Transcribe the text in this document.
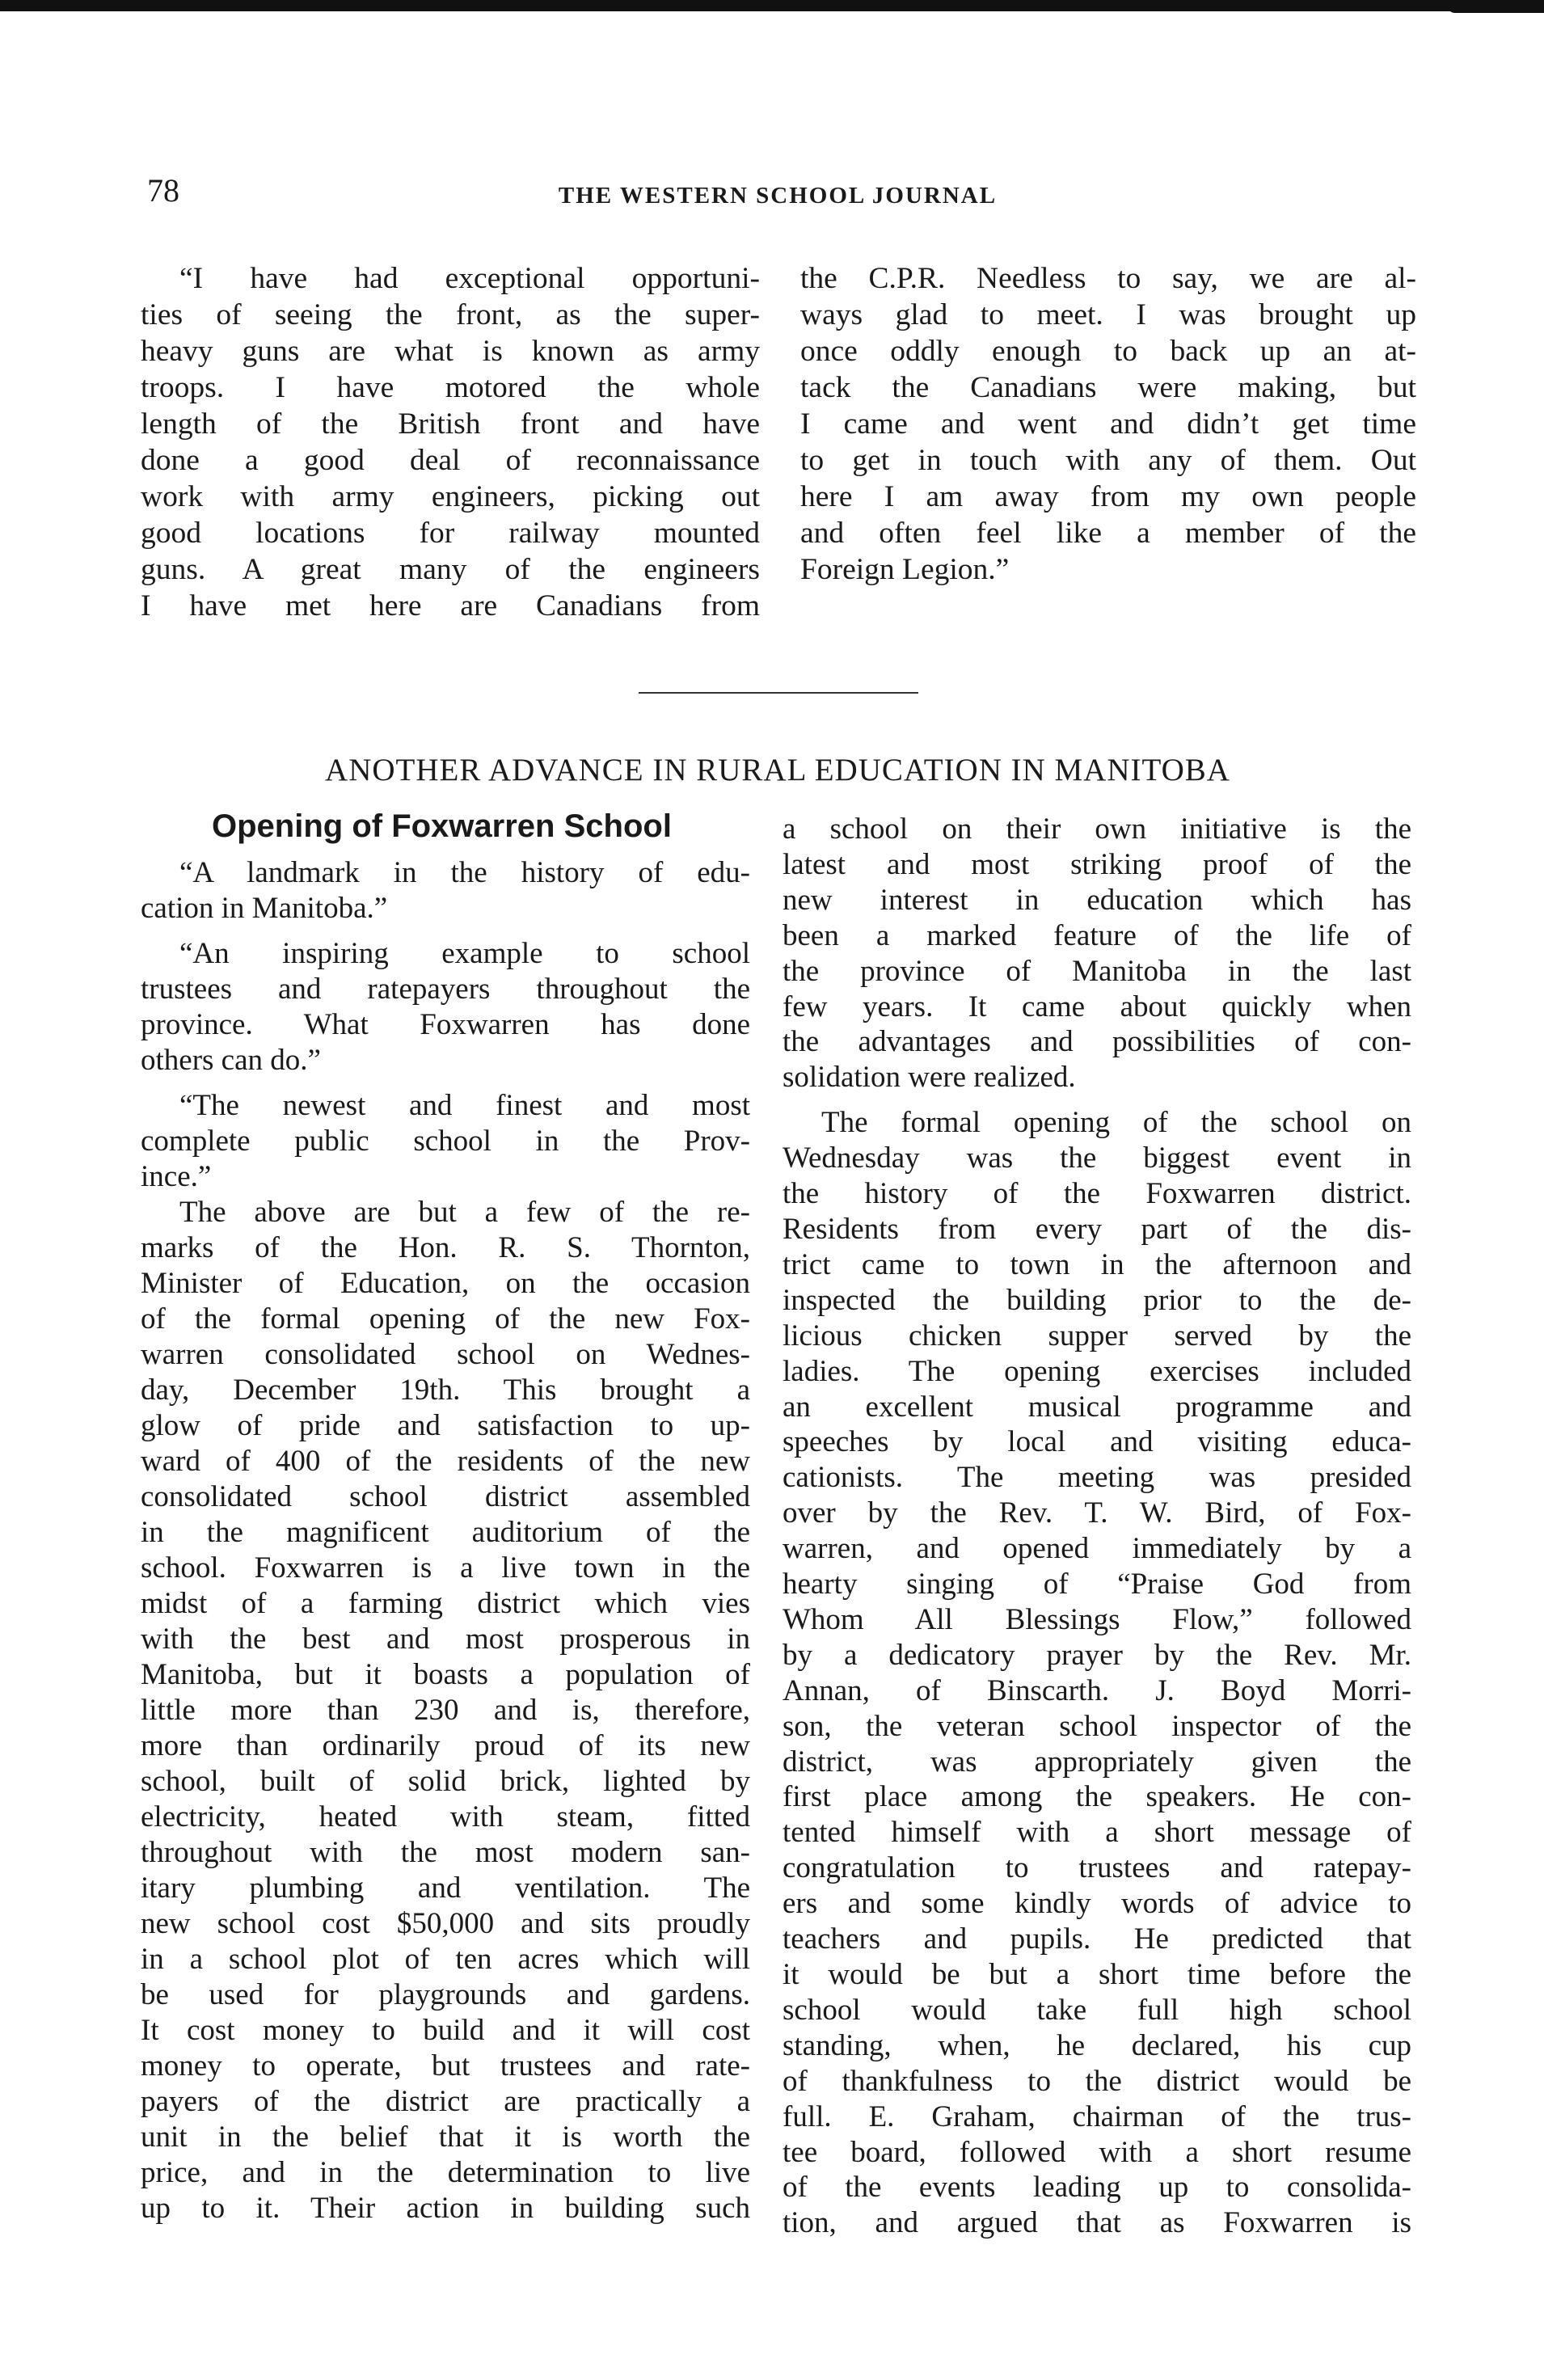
78	THE WESTERN SCHOOL JOURNAL

“I have had exceptional opportuni-

ties of seeing the front, as the super-

heavy guns are what is known as army

troops. I have motored the whole

length of the British front and have

done a good deal of reconnaissance

work with army engineers, picking out

good locations for railway mounted

guns. A great many of the engineers

I have met here are Canadians from

the C.P.R. Needless to say, we are al-

ways glad to meet. I was brought up

once oddly enough to back up an at-

tack the Canadians were making, but

I came and went and didn’t get time

to get in touch with any of them. Out

here I am away from my own people

and often feel like a member of the

Foreign Legion.”

ANOTHER ADVANCE IN RURAL EDUCATION IN MANITOBA
Opening of Foxwarren School

“A landmark in the history of edu-

cation in Manitoba.”

“An inspiring example to school

trustees and ratepayers throughout the

province. What Foxwarren has done

others can do.”

“The newest and finest and most

complete public school in the Prov-

ince.”

The above are but a few of the re-

marks of the Hon. R. S. Thornton,

Minister of Education, on the occasion

of the formal opening of the new Fox-

warren consolidated school on Wednes-

day, December 19th. This brought a

glow of pride and satisfaction to up-

ward of 400 of the residents of the new

consolidated school district assembled

in the magnificent auditorium of the

school. Foxwarren is a live town in the

midst of a farming district which vies

with the best and most prosperous in

Manitoba, but it boasts a population of

little more than 230 and is, therefore,

more than ordinarily proud of its new

school, built of solid brick, lighted by

electricity, heated with steam, fitted

throughout with the most modern san-

itary plumbing and ventilation. The

new school cost $50,000 and sits proudly

in a school plot of ten acres which will

be used for playgrounds and gardens.

It cost money to build and it will cost

money to operate, but trustees and rate-

payers of the district are practically a

unit in the belief that it is worth the

price, and in the determination to live

up to it. Their action in building such

a school on their own initiative is the

latest and most striking proof of the

new interest in education which has

been a marked feature of the life of

the province of Manitoba in the last

few years. It came about quickly when

the advantages and possibilities of con-

solidation were realized.

The formal opening of the school on

Wednesday was the biggest event in

the history of the Foxwarren district.

Residents from every part of the dis-

trict came to town in the afternoon and

inspected the building prior to the de-

licious chicken supper served by the

ladies. The opening exercises included

an excellent musical programme and

speeches by local and visiting educa-

cationists. The meeting was presided

over by the Rev. T. W. Bird, of Fox-

warren, and opened immediately by a

hearty singing of “Praise God from

Whom All Blessings Flow,” followed

by a dedicatory prayer by the Rev. Mr.

Annan, of Binscarth. J. Boyd Morri-

son, the veteran school inspector of the

district, was appropriately given the

first place among the speakers. He con-

tented himself with a short message of

congratulation to trustees and ratepay-

ers and some kindly words of advice to

teachers and pupils. He predicted that

it would be but a short time before the

school would take full high school

standing, when, he declared, his cup

of thankfulness to the district would be

full. E. Graham, chairman of the trus-

tee board, followed with a short resume

of the events leading up to consolida-

tion, and argued that as Foxwarren is
